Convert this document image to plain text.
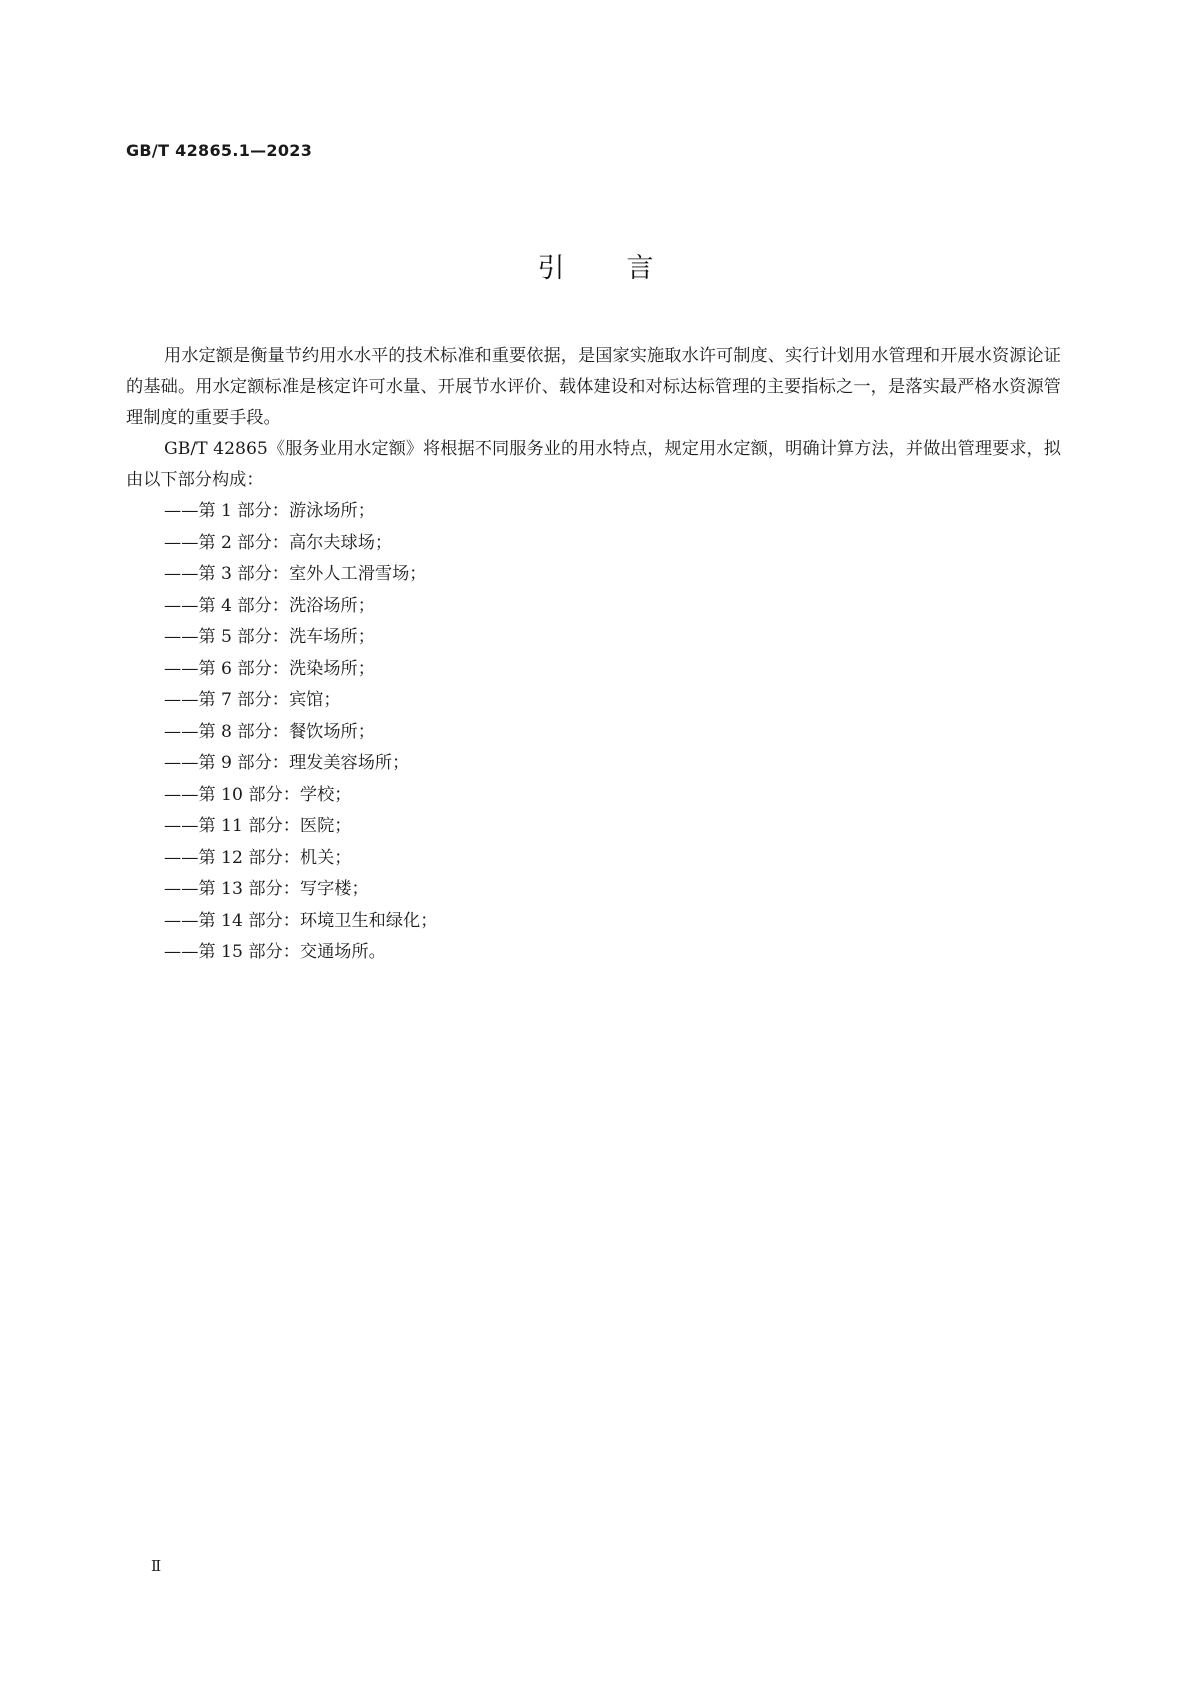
GB/T 42865.1—2023
引言

用水定额是衡量节约用水水平的技术标准和重要依据，是国家实施取水许可制度、实行计划用水管理和开展水资源论证的基础。用水定额标准是核定许可水量、开展节水评价、载体建设和对标达标管理的主要指标之一，是落实最严格水资源管理制度的重要手段。

GB/T 42865《服务业用水定额》将根据不同服务业的用水特点，规定用水定额，明确计算方法，并做出管理要求，拟由以下部分构成：

——第 1 部分：游泳场所；
——第 2 部分：高尔夫球场；
——第 3 部分：室外人工滑雪场；
——第 4 部分：洗浴场所；
——第 5 部分：洗车场所；
——第 6 部分：洗染场所；
——第 7 部分：宾馆；
——第 8 部分：餐饮场所；
——第 9 部分：理发美容场所；
——第 10 部分：学校；
——第 11 部分：医院；
——第 12 部分：机关；
——第 13 部分：写字楼；
——第 14 部分：环境卫生和绿化；
——第 15 部分：交通场所。
Ⅱ
